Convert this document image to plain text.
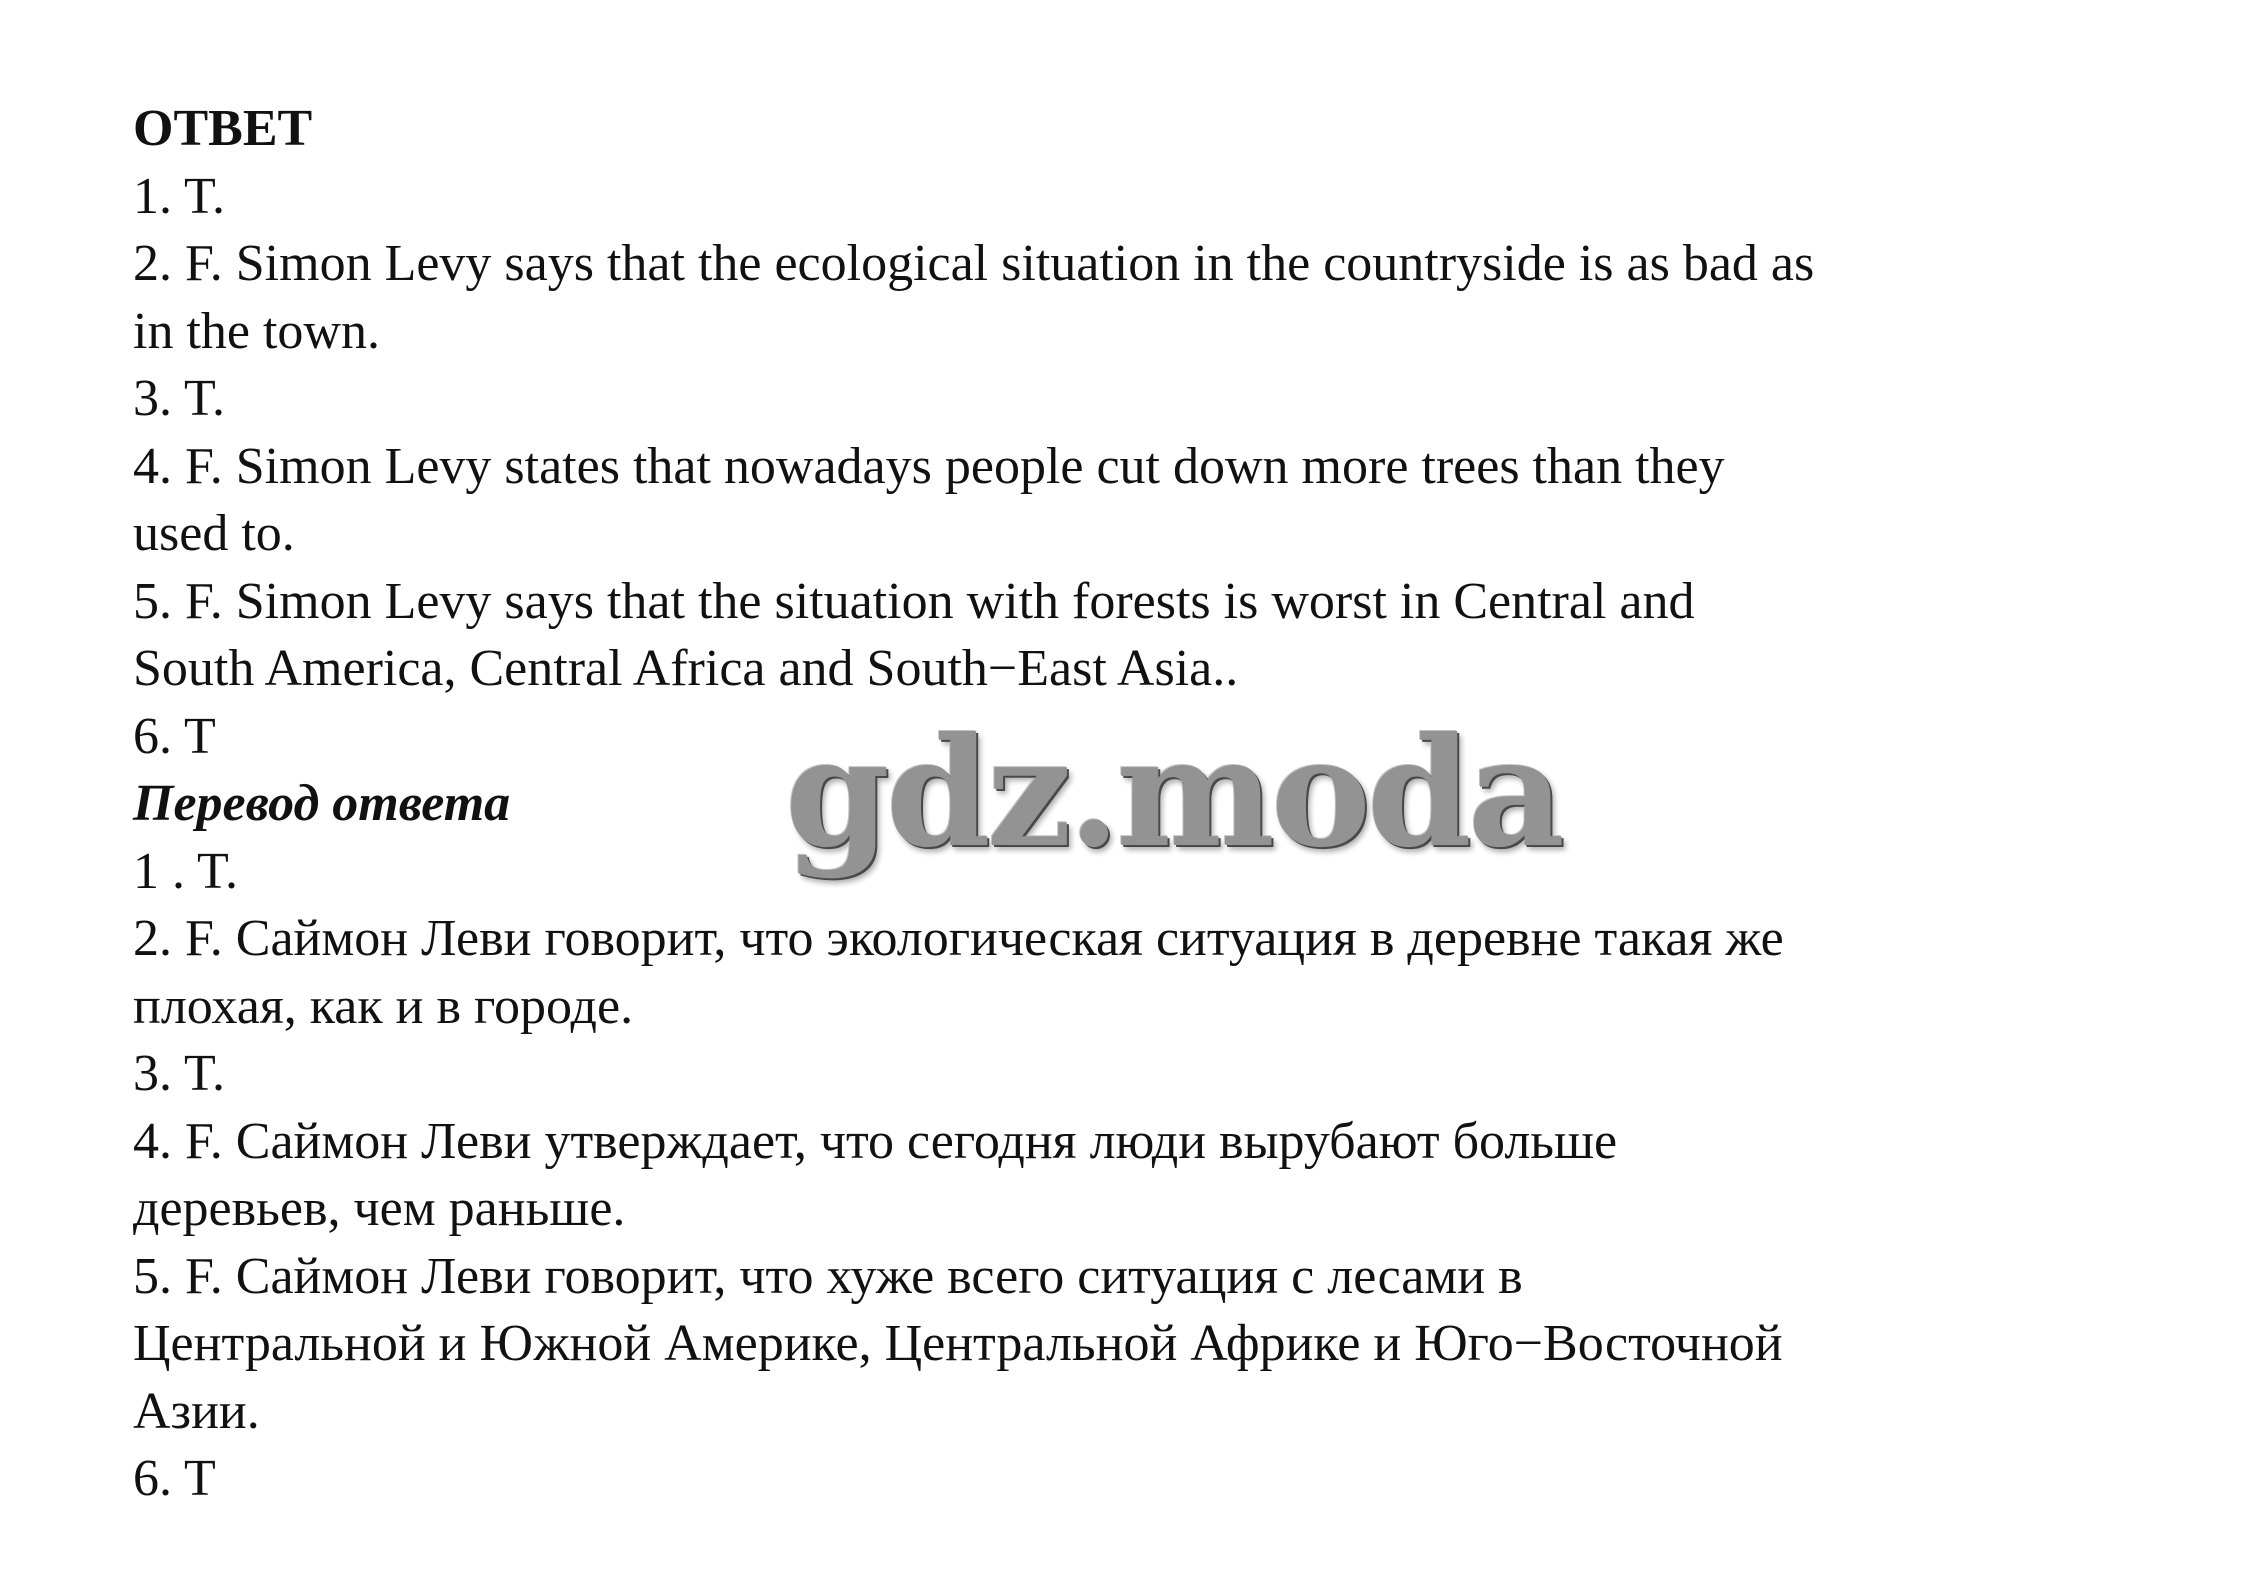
ОТВЕТ
1. T.
2. F. Simon Levy says that the ecological situation in the countryside is as bad as
in the town.
3. T.
4. F. Simon Levy states that nowadays people cut down more trees than they
used to.
5. F. Simon Levy says that the situation with forests is worst in Central and
South America, Central Africa and South−East Asia..
6. T
Перевод ответа
1 . T.
2. F. Саймон Леви говорит, что экологическая ситуация в деревне такая же
плохая, как и в городе.
3. T.
4. F. Саймон Леви утверждает, что сегодня люди вырубают больше
деревьев, чем раньше.
5. F. Саймон Леви говорит, что хуже всего ситуация с лесами в
Центральной и Южной Америке, Центральной Африке и Юго−Восточной
Азии.
6. T
gdz.moda
